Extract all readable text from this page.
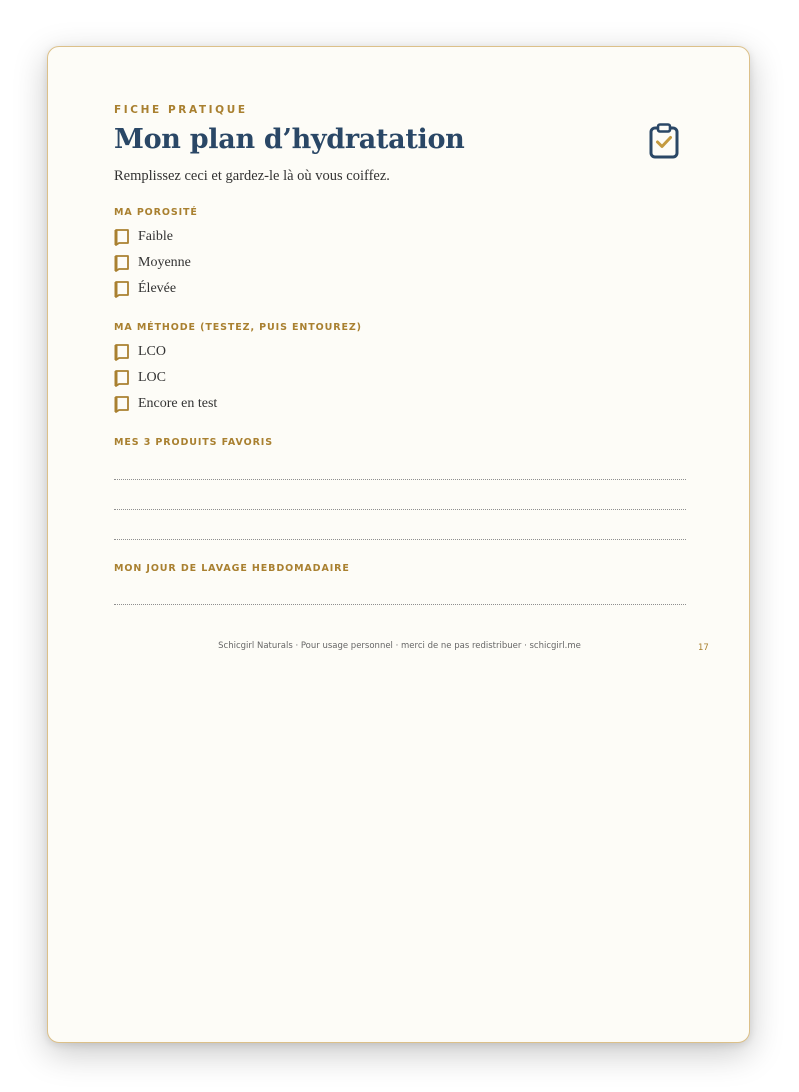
FICHE PRATIQUE
Mon plan d’hydratation
Remplissez ceci et gardez-le là où vous coiffez.
MA POROSITÉ
Faible
Moyenne
Élevée
MA MÉTHODE (TESTEZ, PUIS ENTOUREZ)
LCO
LOC
Encore en test
MES 3 PRODUITS FAVORIS
MON JOUR DE LAVAGE HEBDOMADAIRE
Schicgirl Naturals · Pour usage personnel · merci de ne pas redistribuer · schicgirl.me	17
